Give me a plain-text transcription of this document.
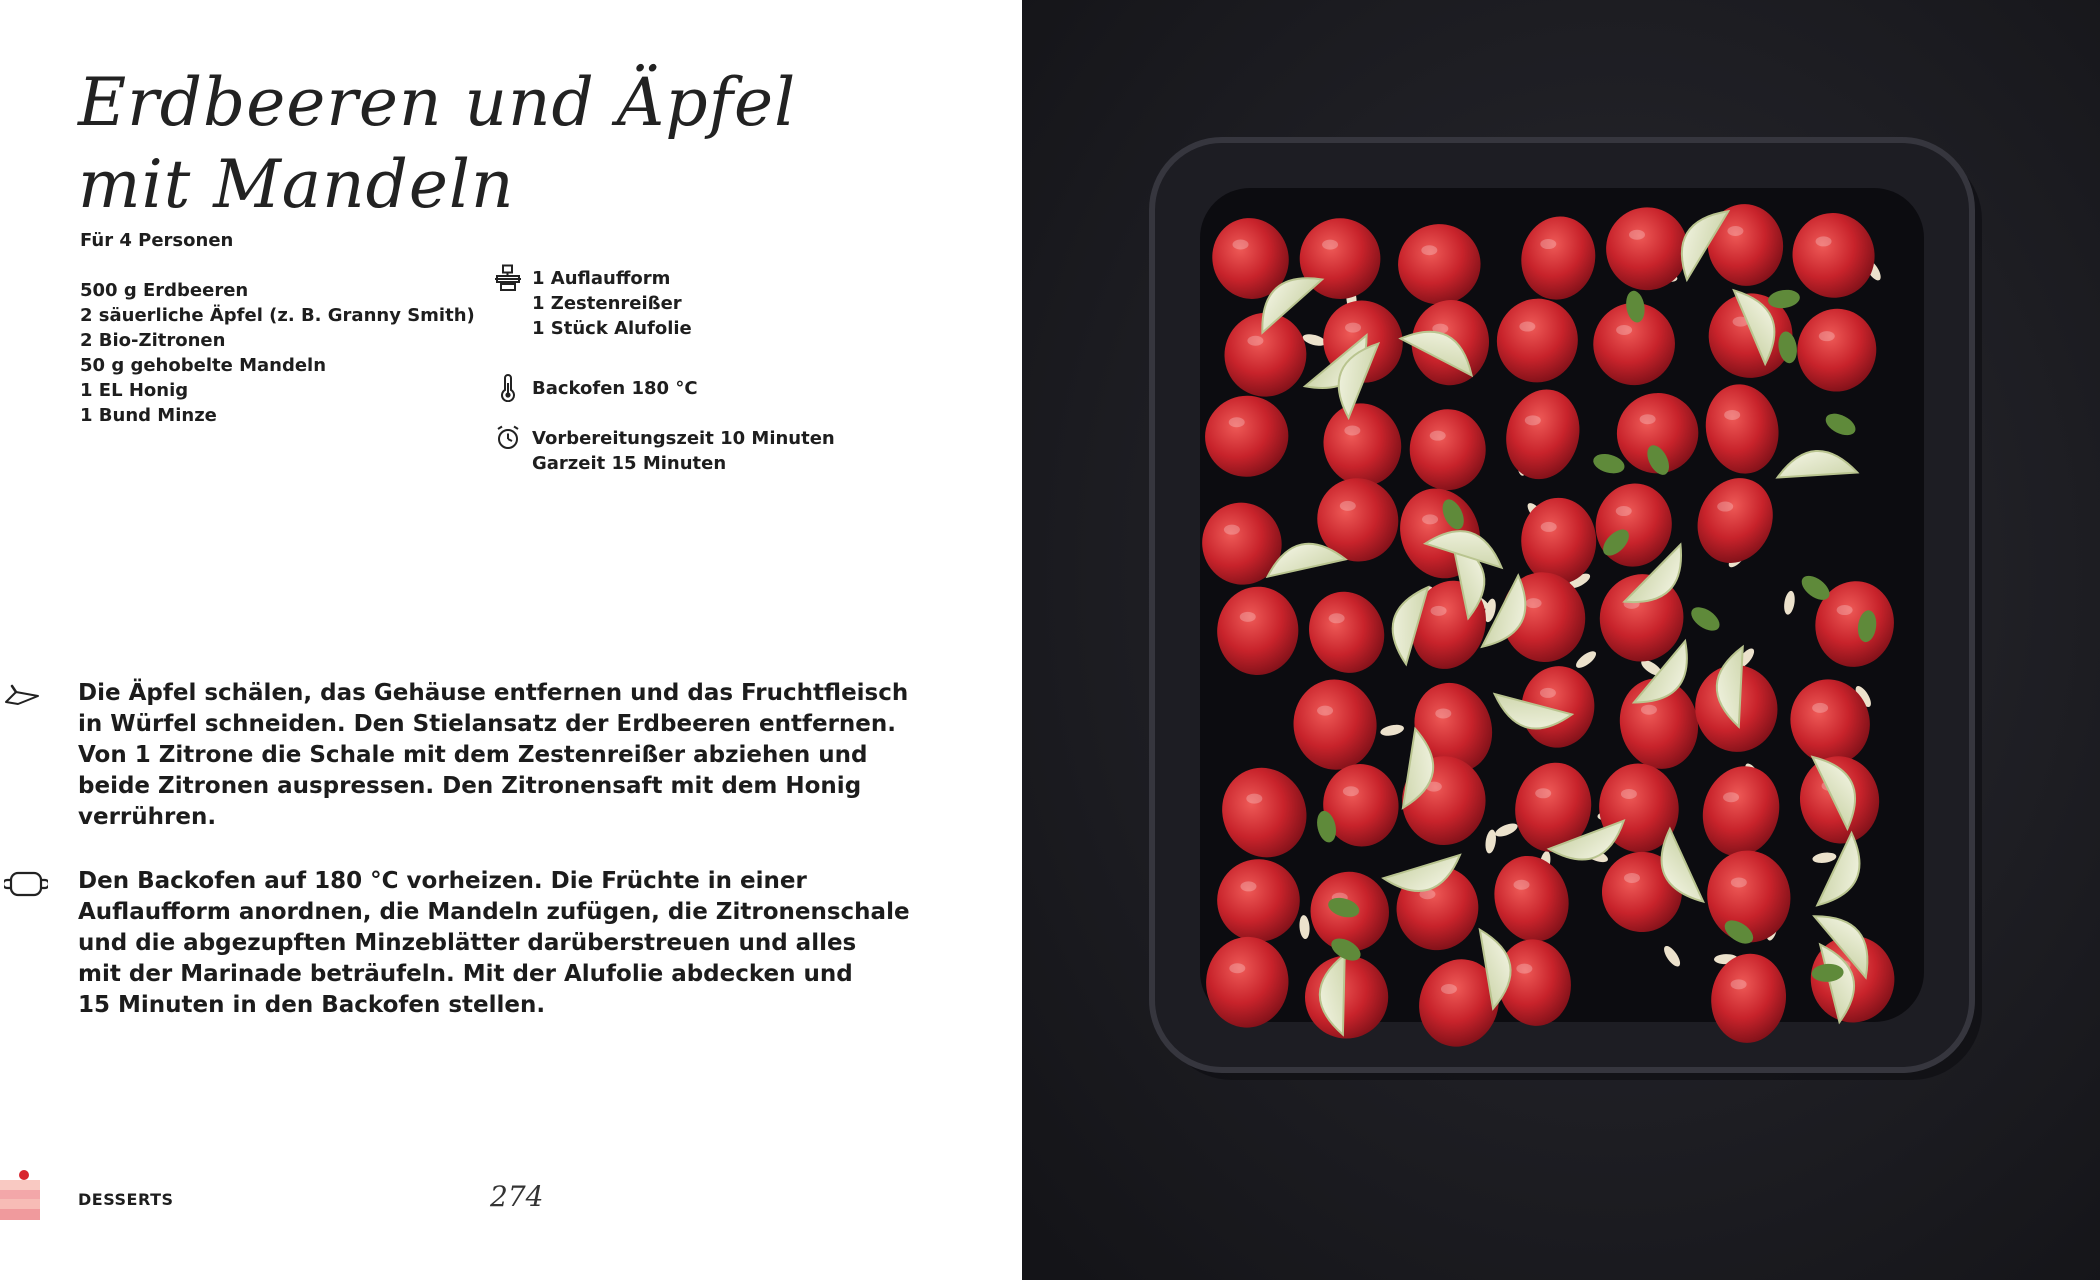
Erdbeeren und Äpfel
mit Mandeln
Für 4 Personen
500 g Erdbeeren
2 säuerliche Äpfel (z. B. Granny Smith)
2 Bio-Zitronen
50 g gehobelte Mandeln
1 EL Honig
1 Bund Minze
1 Auflaufform
1 Zestenreißer
1 Stück Alufolie
Backofen 180 °C
Vorbereitungszeit 10 Minuten
Garzeit 15 Minuten

Die Äpfel schälen, das Gehäuse entfernen und das Fruchtfleisch
in Würfel schneiden. Den Stielansatz der Erdbeeren entfernen.
Von 1 Zitrone die Schale mit dem Zestenreißer abziehen und
beide Zitronen auspressen. Den Zitronensaft mit dem Honig
verrühren.

Den Backofen auf 180 °C vorheizen. Die Früchte in einer
Auflaufform anordnen, die Mandeln zufügen, die Zitronenschale
und die abgezupften Minzeblätter darüberstreuen und alles
mit der Marinade beträufeln. Mit der Alufolie abdecken und
15 Minuten in den Backofen stellen.

DESSERTS	274
